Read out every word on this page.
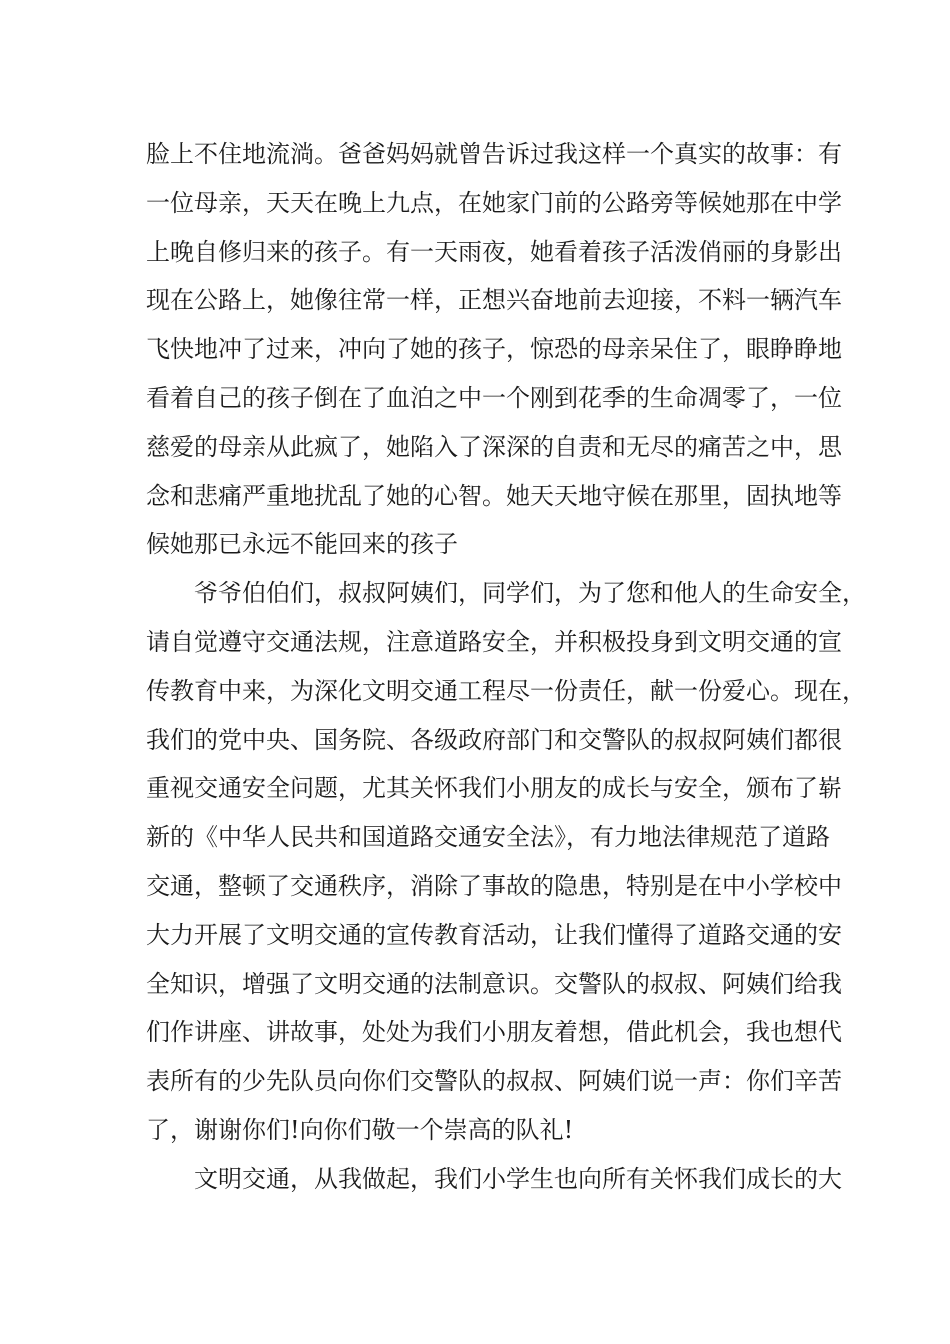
脸上不住地流淌。爸爸妈妈就曾告诉过我这样一个真实的故事：有
一位母亲，天天在晚上九点，在她家门前的公路旁等候她那在中学
上晚自修归来的孩子。有一天雨夜，她看着孩子活泼俏丽的身影出
现在公路上，她像往常一样，正想兴奋地前去迎接，不料一辆汽车
飞快地冲了过来，冲向了她的孩子，惊恐的母亲呆住了，眼睁睁地
看着自己的孩子倒在了血泊之中一个刚到花季的生命凋零了，一位
慈爱的母亲从此疯了，她陷入了深深的自责和无尽的痛苦之中，思
念和悲痛严重地扰乱了她的心智。她天天地守候在那里，固执地等
候她那已永远不能回来的孩子
爷爷伯伯们，叔叔阿姨们，同学们，为了您和他人的生命安全，
请自觉遵守交通法规，注意道路安全，并积极投身到文明交通的宣
传教育中来，为深化文明交通工程尽一份责任，献一份爱心。现在，
我们的党中央、国务院、各级政府部门和交警队的叔叔阿姨们都很
重视交通安全问题，尤其关怀我们小朋友的成长与安全，颁布了崭
新的《中华人民共和国道路交通安全法》，有力地法律规范了道路
交通，整顿了交通秩序，消除了事故的隐患，特别是在中小学校中
大力开展了文明交通的宣传教育活动，让我们懂得了道路交通的安
全知识，增强了文明交通的法制意识。交警队的叔叔、阿姨们给我
们作讲座、讲故事，处处为我们小朋友着想，借此机会，我也想代
表所有的少先队员向你们交警队的叔叔、阿姨们说一声：你们辛苦
了，谢谢你们!向你们敬一个崇高的队礼!
文明交通，从我做起，我们小学生也向所有关怀我们成长的大
